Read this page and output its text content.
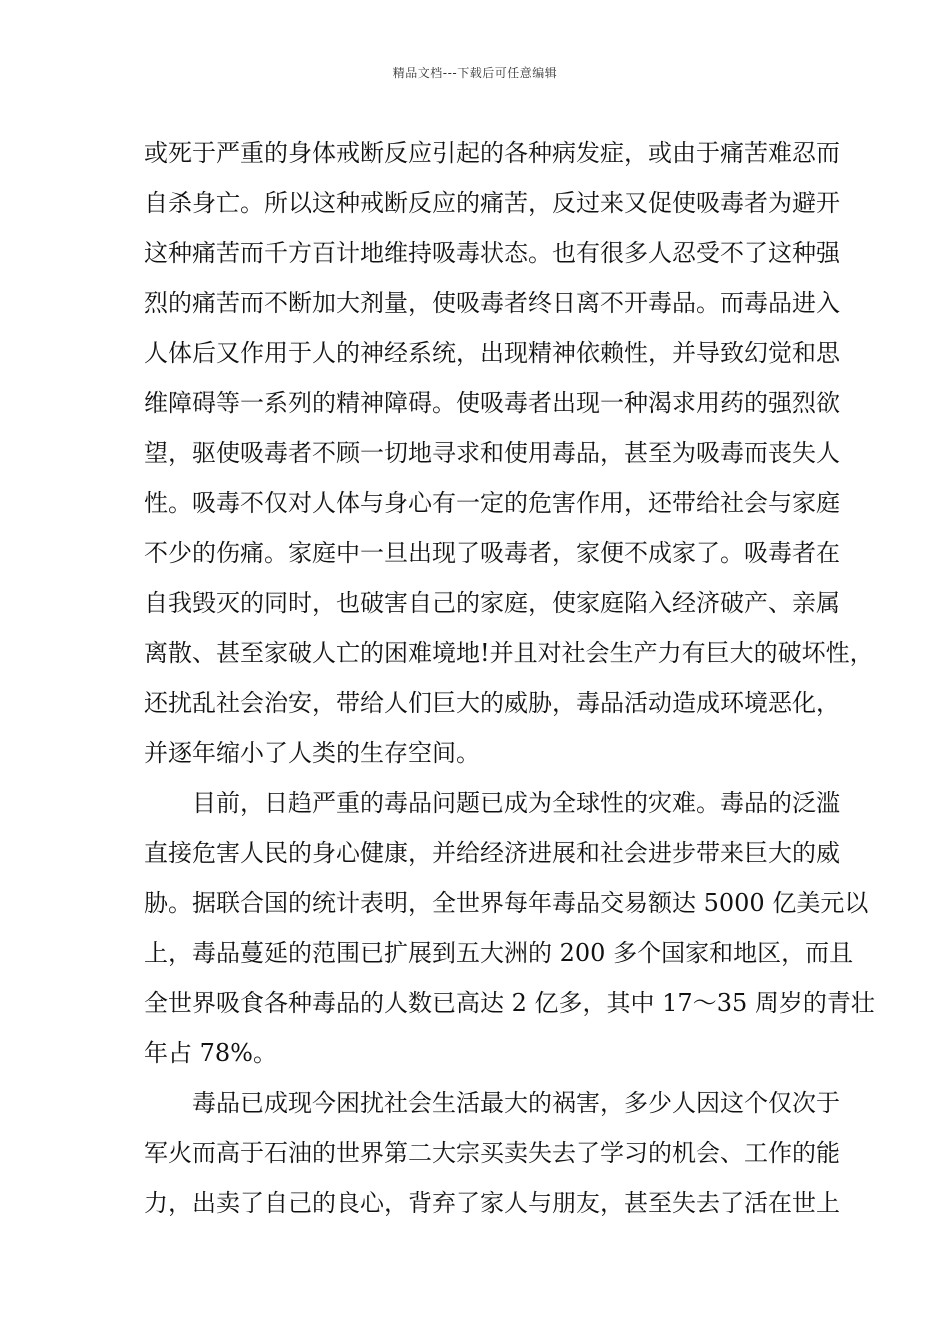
精品文档---下载后可任意编辑
或死于严重的身体戒断反应引起的各种病发症，或由于痛苦难忍而
自杀身亡。所以这种戒断反应的痛苦，反过来又促使吸毒者为避开
这种痛苦而千方百计地维持吸毒状态。也有很多人忍受不了这种强
烈的痛苦而不断加大剂量，使吸毒者终日离不开毒品。而毒品进入
人体后又作用于人的神经系统，出现精神依赖性，并导致幻觉和思
维障碍等一系列的精神障碍。使吸毒者出现一种渴求用药的强烈欲
望，驱使吸毒者不顾一切地寻求和使用毒品，甚至为吸毒而丧失人
性。吸毒不仅对人体与身心有一定的危害作用，还带给社会与家庭
不少的伤痛。家庭中一旦出现了吸毒者，家便不成家了。吸毒者在
自我毁灭的同时，也破害自己的家庭，使家庭陷入经济破产、亲属
离散、甚至家破人亡的困难境地!并且对社会生产力有巨大的破坏性，
还扰乱社会治安，带给人们巨大的威胁，毒品活动造成环境恶化，
并逐年缩小了人类的生存空间。
目前，日趋严重的毒品问题已成为全球性的灾难。毒品的泛滥
直接危害人民的身心健康，并给经济进展和社会进步带来巨大的威
胁。据联合国的统计表明，全世界每年毒品交易额达 5000 亿美元以
上，毒品蔓延的范围已扩展到五大洲的 200 多个国家和地区，而且
全世界吸食各种毒品的人数已高达 2 亿多，其中 17～35 周岁的青壮
年占 78%。
毒品已成现今困扰社会生活最大的祸害，多少人因这个仅次于
军火而高于石油的世界第二大宗买卖失去了学习的机会、工作的能
力，出卖了自己的良心，背弃了家人与朋友，甚至失去了活在世上
